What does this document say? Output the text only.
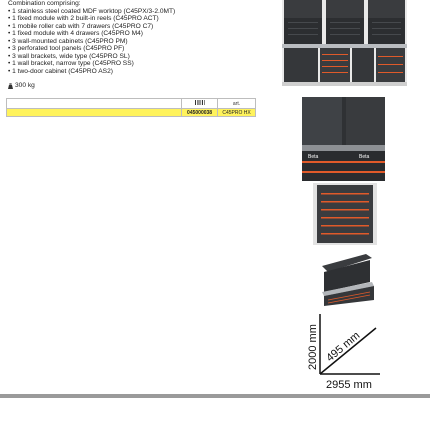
Combination comprising:
• 1 stainless steel coated MDF worktop (C45PX/3-2.0MT)
• 1 fixed module with 2 built-in reels (C45PRO ACT)
• 1 mobile roller cab with 7 drawers (C45PRO C7)
• 1 fixed module with 4 drawers (C45PRO M4)
• 3 wall-mounted cabinets (C45PRO PM)
• 3 perforated tool panels (C45PRO PF)
• 3 wall brackets, wide type (C45PRO SL)
• 1 wall bracket, narrow type (C45PRO SS)
• 1 two-door cabinet (C45PRO AS2)
300 kg
		art.
	045000038	C45PRO HX
Beta	Beta
2000 mm 495 mm
2955 mm
